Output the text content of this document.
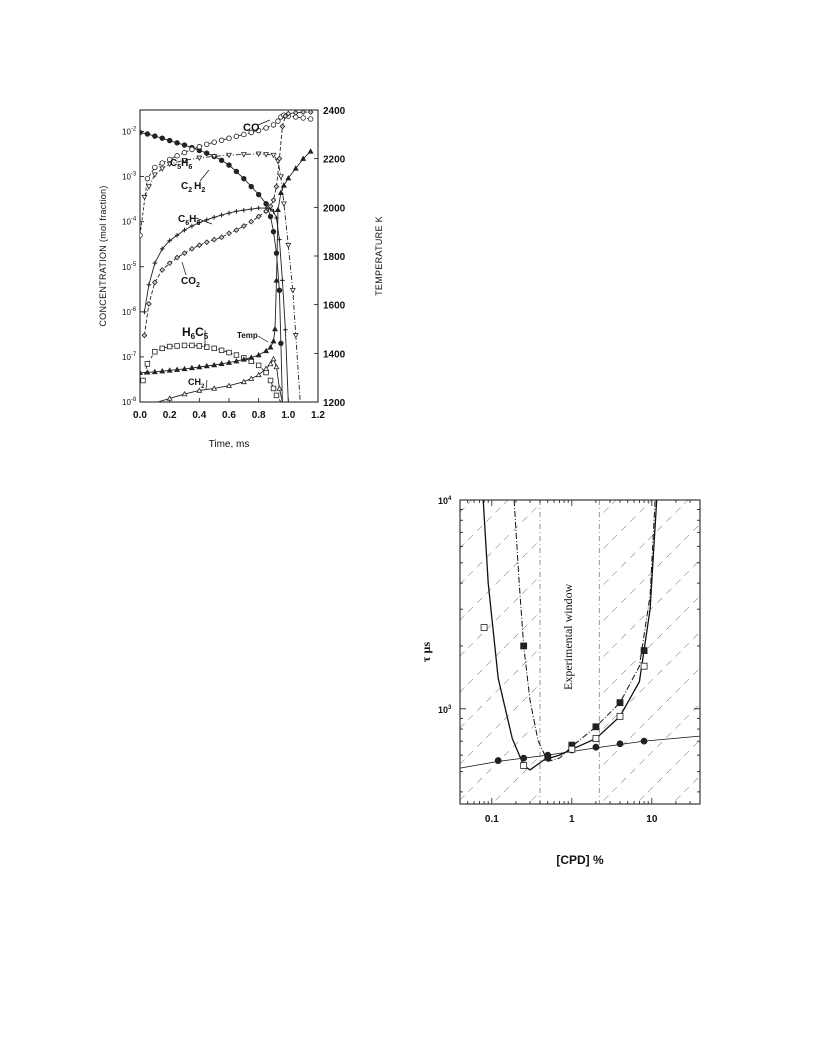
0.0 0.2 0.4 0.6 0.8 1.0 1.2
$10^{-2}$
$10^{-3}$
$10^{-4}$
$10^{-5}$
$10^{-6}$
$10^{-7}$
$10^{-8}$	1200
1400
1600
1800
2000
2200
2400
Time, ms
CONCENTRATION (mol fraction)	TEMPERATURE K
$C_5H_6$
CO
$C_2$ $H_2$
$C_6H_6$
$CO_2$
$H_6C_5$
$CH_2$
Temp
0.1	1	10
$10^4$
$10^3$
Experimental window
[CPD] %
τ µs
